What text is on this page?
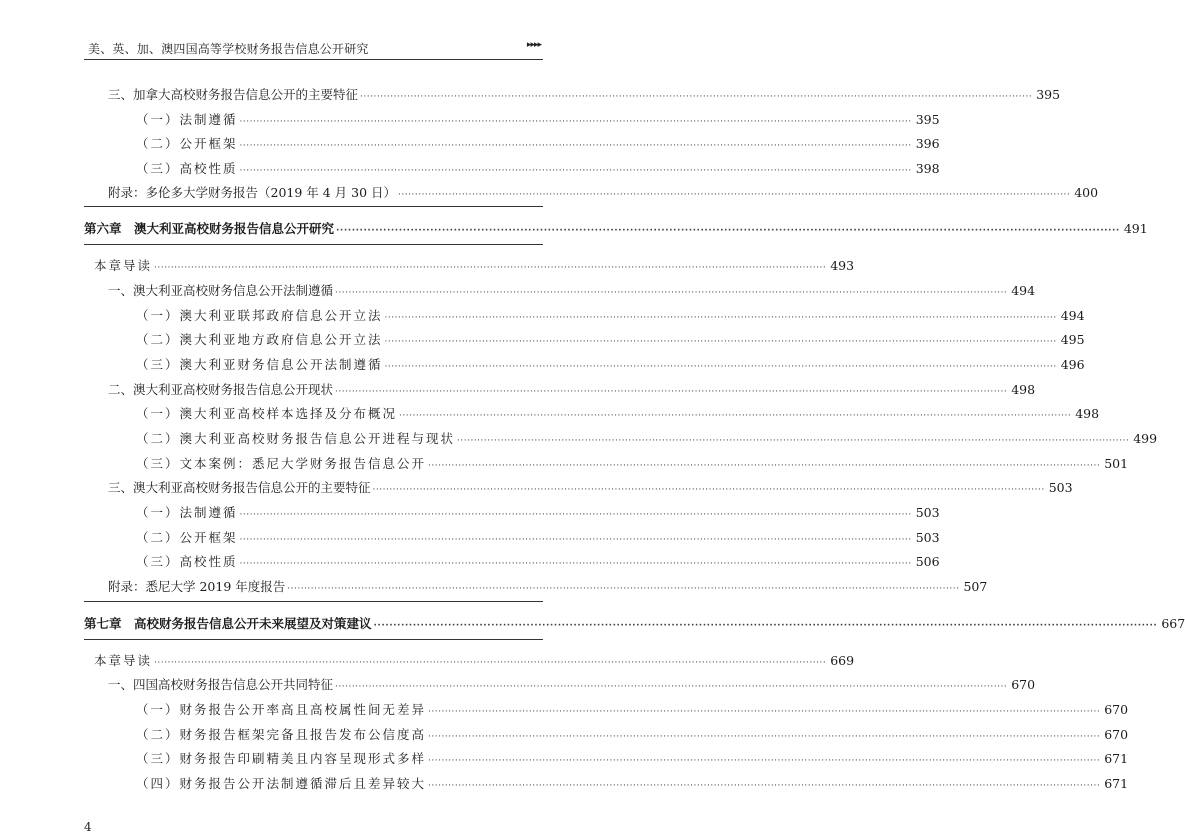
美、英、加、澳四国高等学校财务报告信息公开研究	▸▸▸▸
三、加拿大高校财务报告信息公开的主要特征 ········································································································································································································ 395
（一）法制遵循 ········································································································································································································ 395
（二）公开框架 ········································································································································································································ 396
（三）高校性质 ········································································································································································································ 398
附录：多伦多大学财务报告（2019 年 4 月 30 日） ········································································································································································································ 400
第六章　澳大利亚高校财务报告信息公开研究 ········································································································································································································ 491
本章导读 ········································································································································································································ 493
一、澳大利亚高校财务信息公开法制遵循 ········································································································································································································ 494
（一）澳大利亚联邦政府信息公开立法 ········································································································································································································ 494
（二）澳大利亚地方政府信息公开立法 ········································································································································································································ 495
（三）澳大利亚财务信息公开法制遵循 ········································································································································································································ 496
二、澳大利亚高校财务报告信息公开现状 ········································································································································································································ 498
（一）澳大利亚高校样本选择及分布概况 ········································································································································································································ 498
（二）澳大利亚高校财务报告信息公开进程与现状 ········································································································································································································ 499
（三）文本案例：悉尼大学财务报告信息公开 ········································································································································································································ 501
三、澳大利亚高校财务报告信息公开的主要特征 ········································································································································································································ 503
（一）法制遵循 ········································································································································································································ 503
（二）公开框架 ········································································································································································································ 503
（三）高校性质 ········································································································································································································ 506
附录：悉尼大学 2019 年度报告 ········································································································································································································ 507
第七章　高校财务报告信息公开未来展望及对策建议 ········································································································································································································ 667
本章导读 ········································································································································································································ 669
一、四国高校财务报告信息公开共同特征 ········································································································································································································ 670
（一）财务报告公开率高且高校属性间无差异 ········································································································································································································ 670
（二）财务报告框架完备且报告发布公信度高 ········································································································································································································ 670
（三）财务报告印刷精美且内容呈现形式多样 ········································································································································································································ 671
（四）财务报告公开法制遵循滞后且差异较大 ········································································································································································································ 671
4
